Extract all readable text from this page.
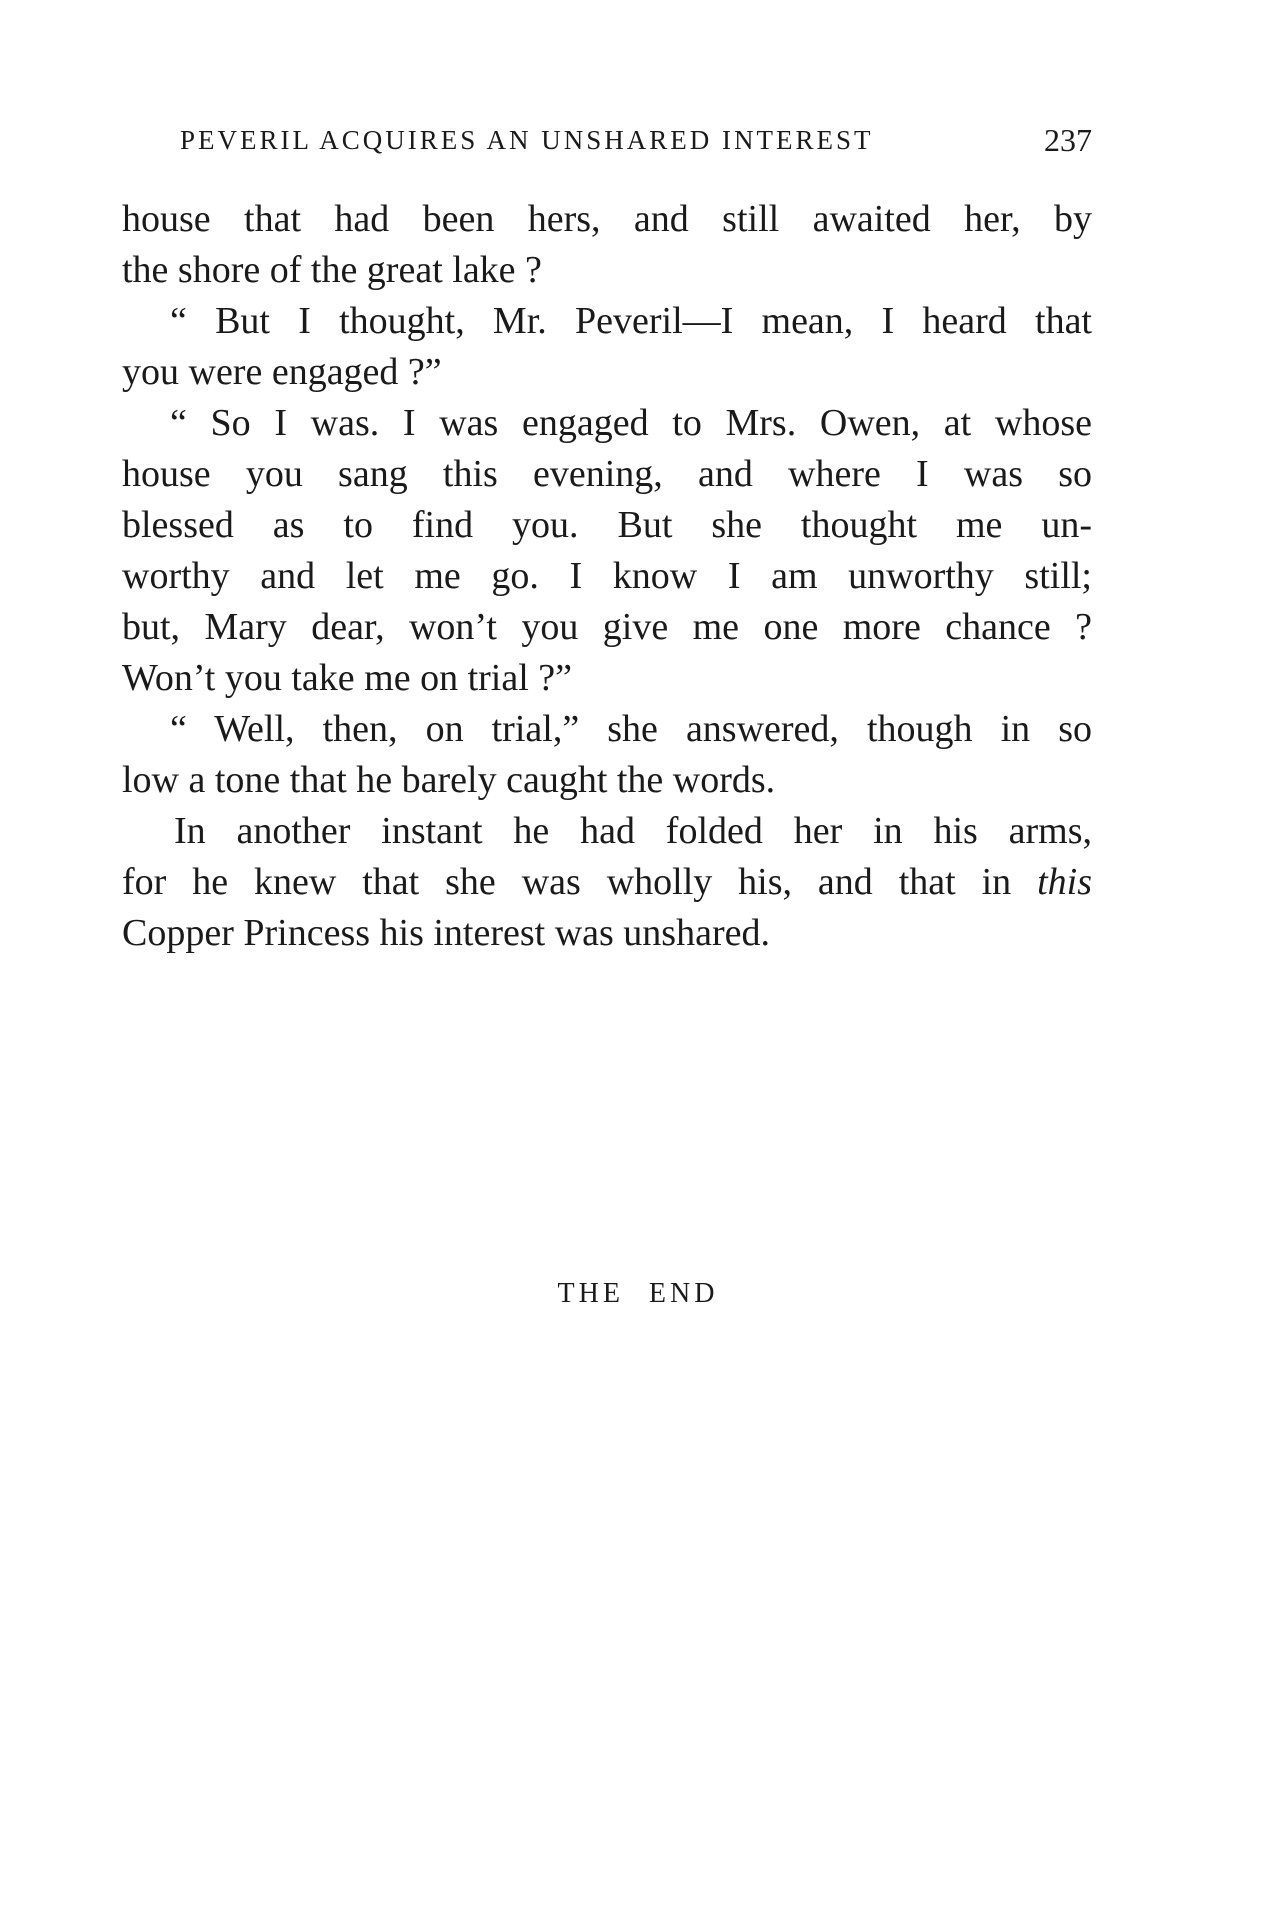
PEVERIL ACQUIRES AN UNSHARED INTEREST	237
house that had been hers, and still awaited her, by
the shore of the great lake ?
“ But I thought, Mr. Peveril—I mean, I heard that
you were engaged ?”
“ So I was. I was engaged to Mrs. Owen, at whose
house you sang this evening, and where I was so
blessed as to find you. But she thought me un-
worthy and let me go. I know I am unworthy still;
but, Mary dear, won’t you give me one more chance ?
Won’t you take me on trial ?”
“ Well, then, on trial,” she answered, though in so
low a tone that he barely caught the words.
In another instant he had folded her in his arms,
for he knew that she was wholly his, and that in this
Copper Princess his interest was unshared.
THE END
